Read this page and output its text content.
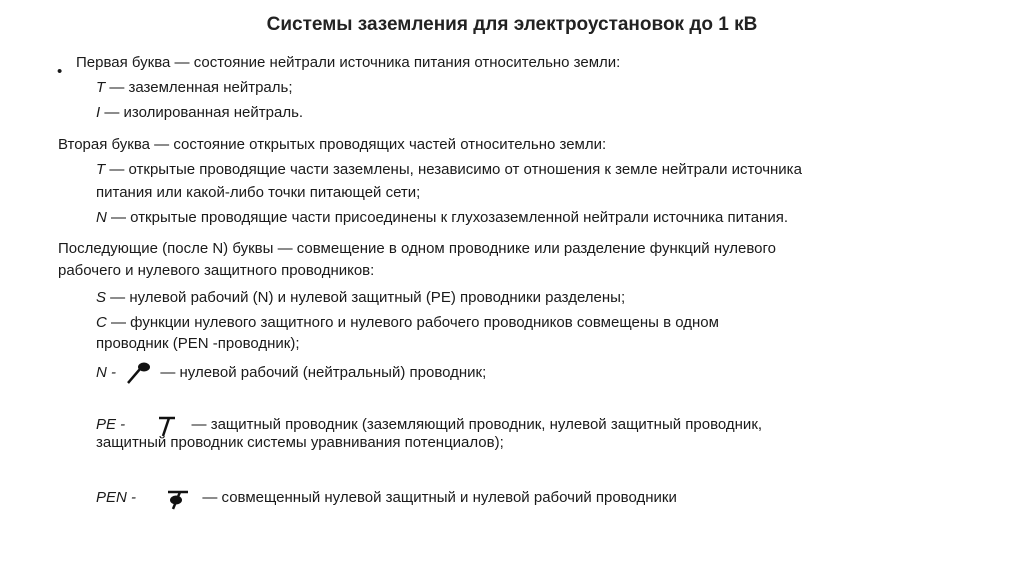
Системы заземления для электроустановок до 1 кВ
•
Первая буква — состояние нейтрали источника питания относительно земли:
T — заземленная нейтраль;
I — изолированная нейтраль.
Вторая буква — состояние открытых проводящих частей относительно земли:
T — открытые проводящие части заземлены, независимо от отношения к земле нейтрали источника
питания или какой-либо точки питающей сети;
N — открытые проводящие части присоединены к глухозаземленной нейтрали источника питания.
Последующие (после N) буквы — совмещение в одном проводнике или разделение функций нулевого
рабочего и нулевого защитного проводников:
S — нулевой рабочий (N) и нулевой защитный (PE) проводники разделены;
C — функции нулевого защитного и нулевого рабочего проводников совмещены в одном
проводник (PEN -проводник);
N -	— нулевой рабочий (нейтральный) проводник;
PE -	— защитный проводник (заземляющий проводник, нулевой защитный проводник,
защитный проводник системы уравнивания потенциалов);
PEN -	— совмещенный нулевой защитный и нулевой рабочий проводники
